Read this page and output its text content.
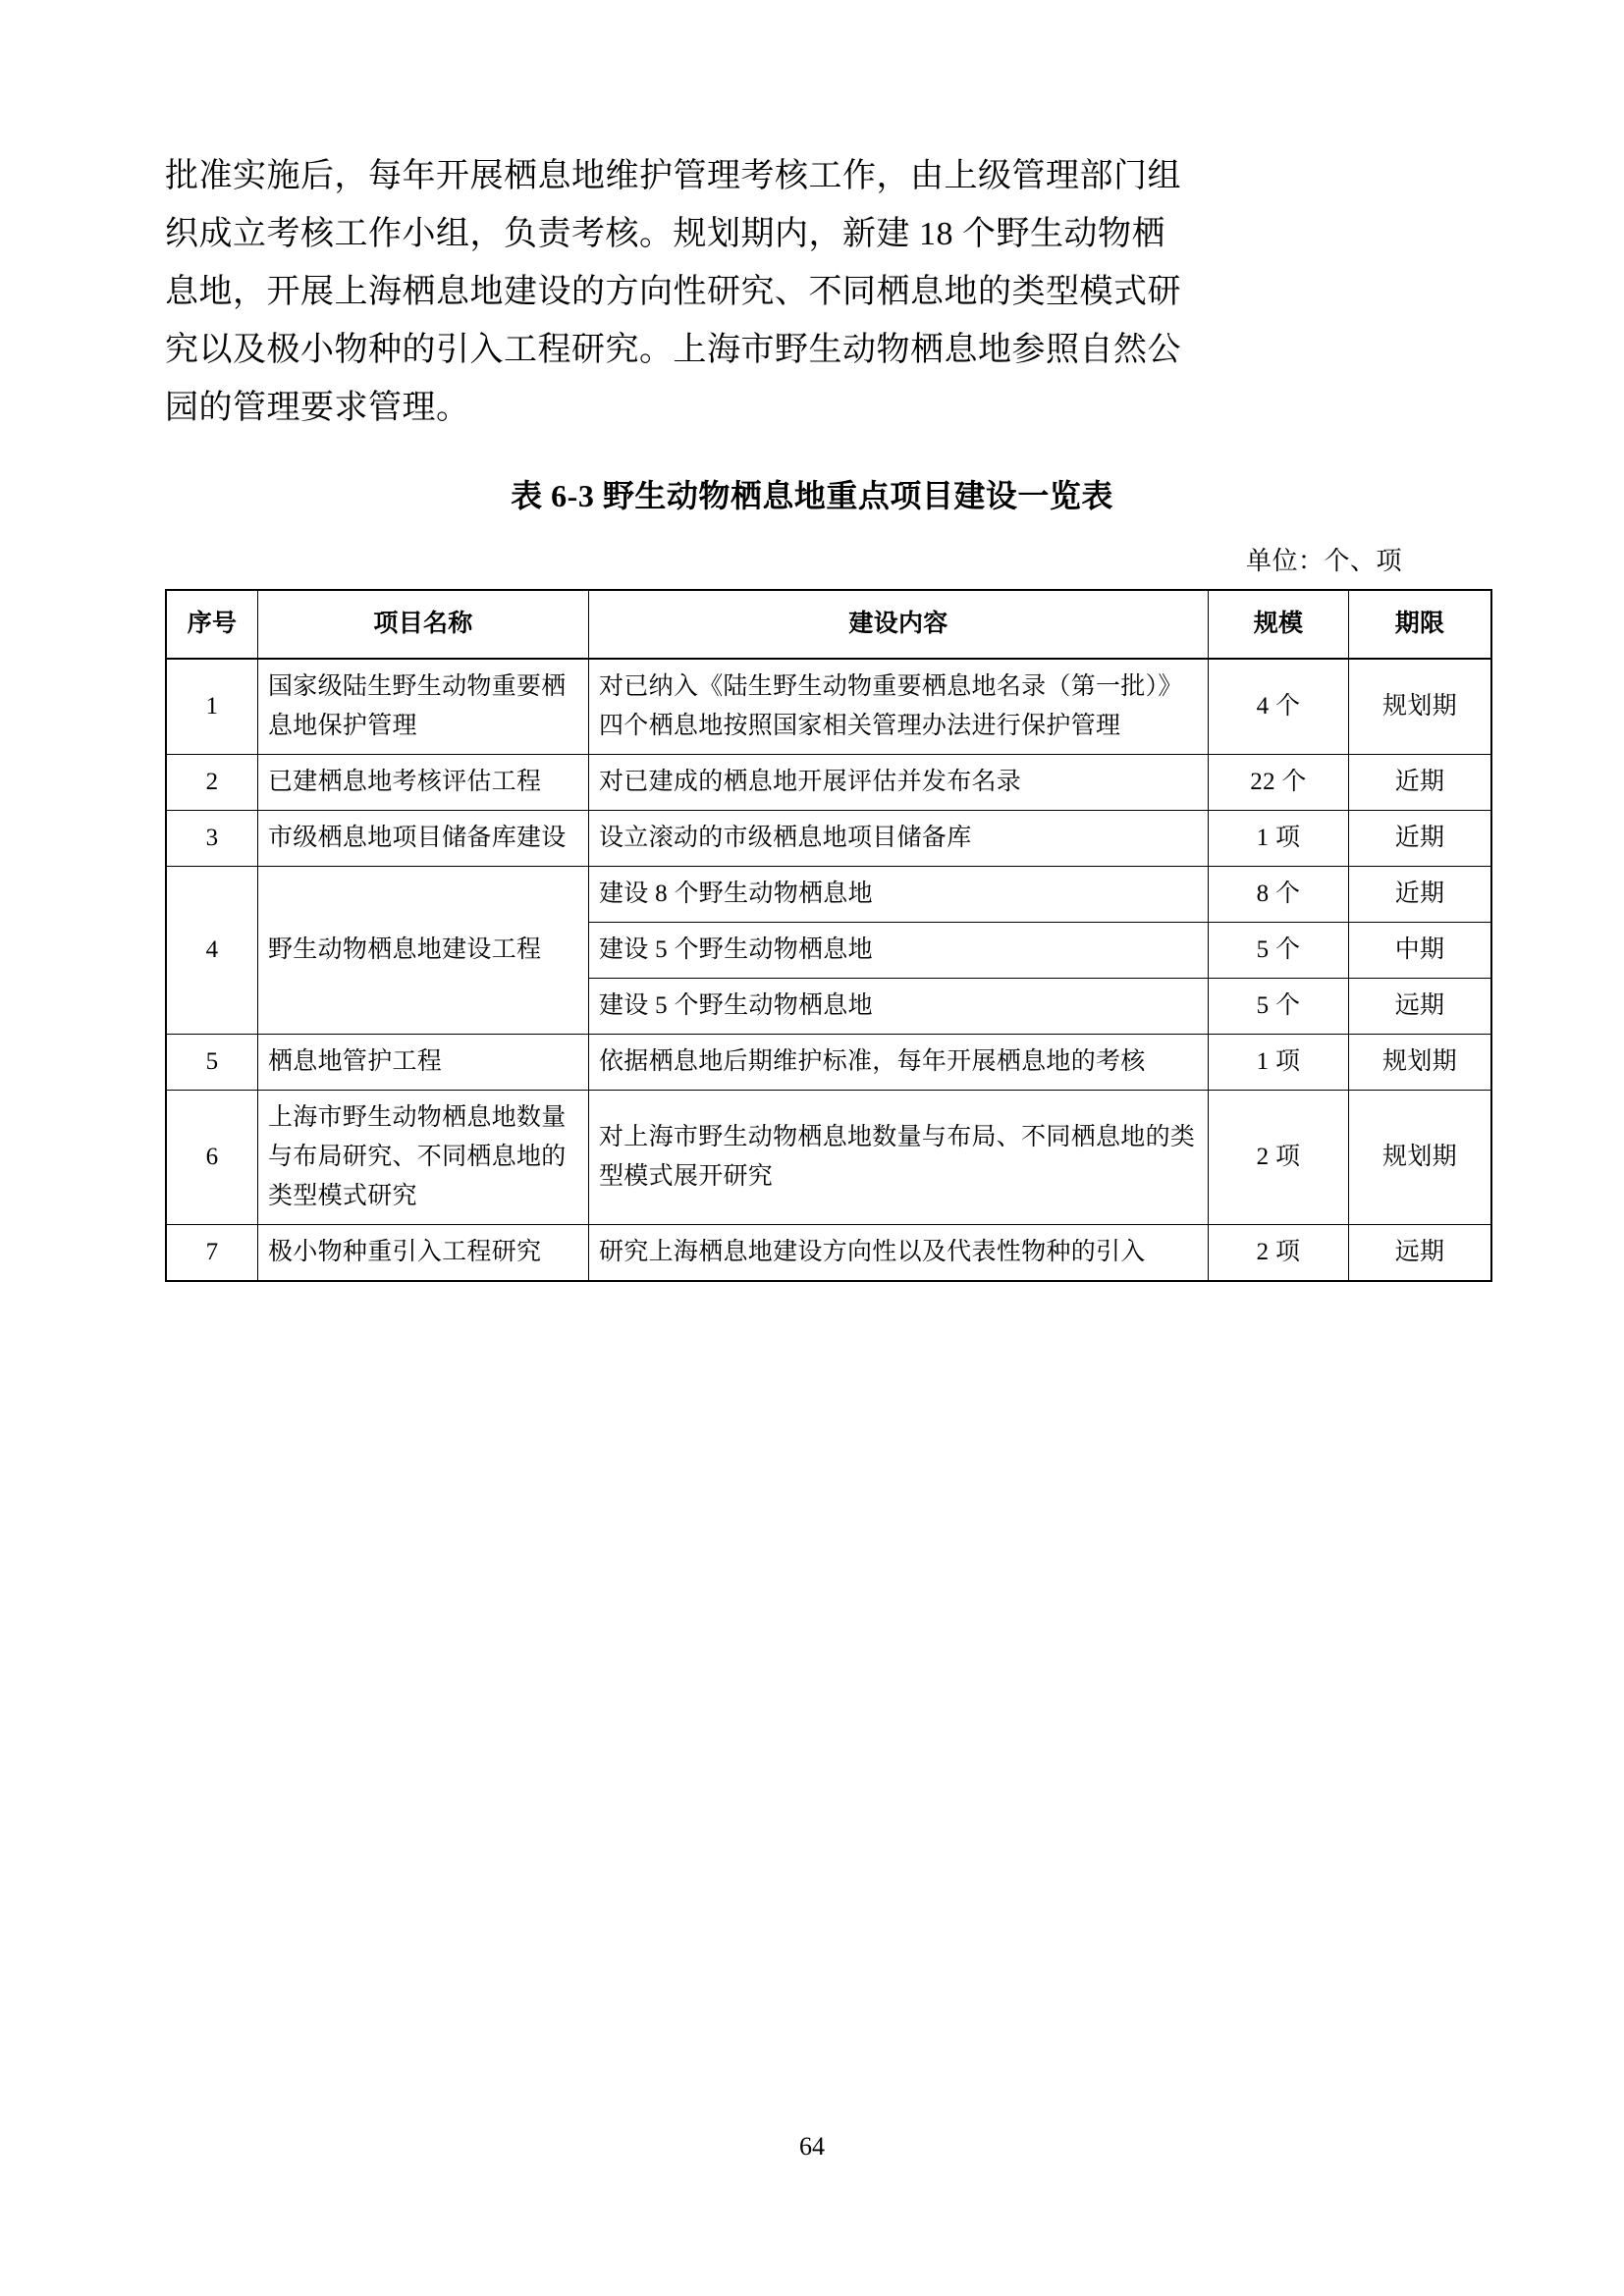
批准实施后，每年开展栖息地维护管理考核工作，由上级管理部门组
织成立考核工作小组，负责考核。规划期内，新建 18 个野生动物栖
息地，开展上海栖息地建设的方向性研究、不同栖息地的类型模式研
究以及极小物种的引入工程研究。上海市野生动物栖息地参照自然公
园的管理要求管理。
表 6-3 野生动物栖息地重点项目建设一览表
单位：个、项
序号	项目名称	建设内容	规模	期限
1	国家级陆生野生动物重要栖息地保护管理	对已纳入《陆生野生动物重要栖息地名录（第一批）》四个栖息地按照国家相关管理办法进行保护管理	4 个	规划期
2	已建栖息地考核评估工程	对已建成的栖息地开展评估并发布名录	22 个	近期
3	市级栖息地项目储备库建设	设立滚动的市级栖息地项目储备库	1 项	近期
4	野生动物栖息地建设工程	建设 8 个野生动物栖息地	8 个	近期
		建设 5 个野生动物栖息地	5 个	中期
		建设 5 个野生动物栖息地	5 个	远期
5	栖息地管护工程	依据栖息地后期维护标准，每年开展栖息地的考核	1 项	规划期
6	上海市野生动物栖息地数量与布局研究、不同栖息地的类型模式研究	对上海市野生动物栖息地数量与布局、不同栖息地的类型模式展开研究	2 项	规划期
7	极小物种重引入工程研究	研究上海栖息地建设方向性以及代表性物种的引入	2 项	远期
64
